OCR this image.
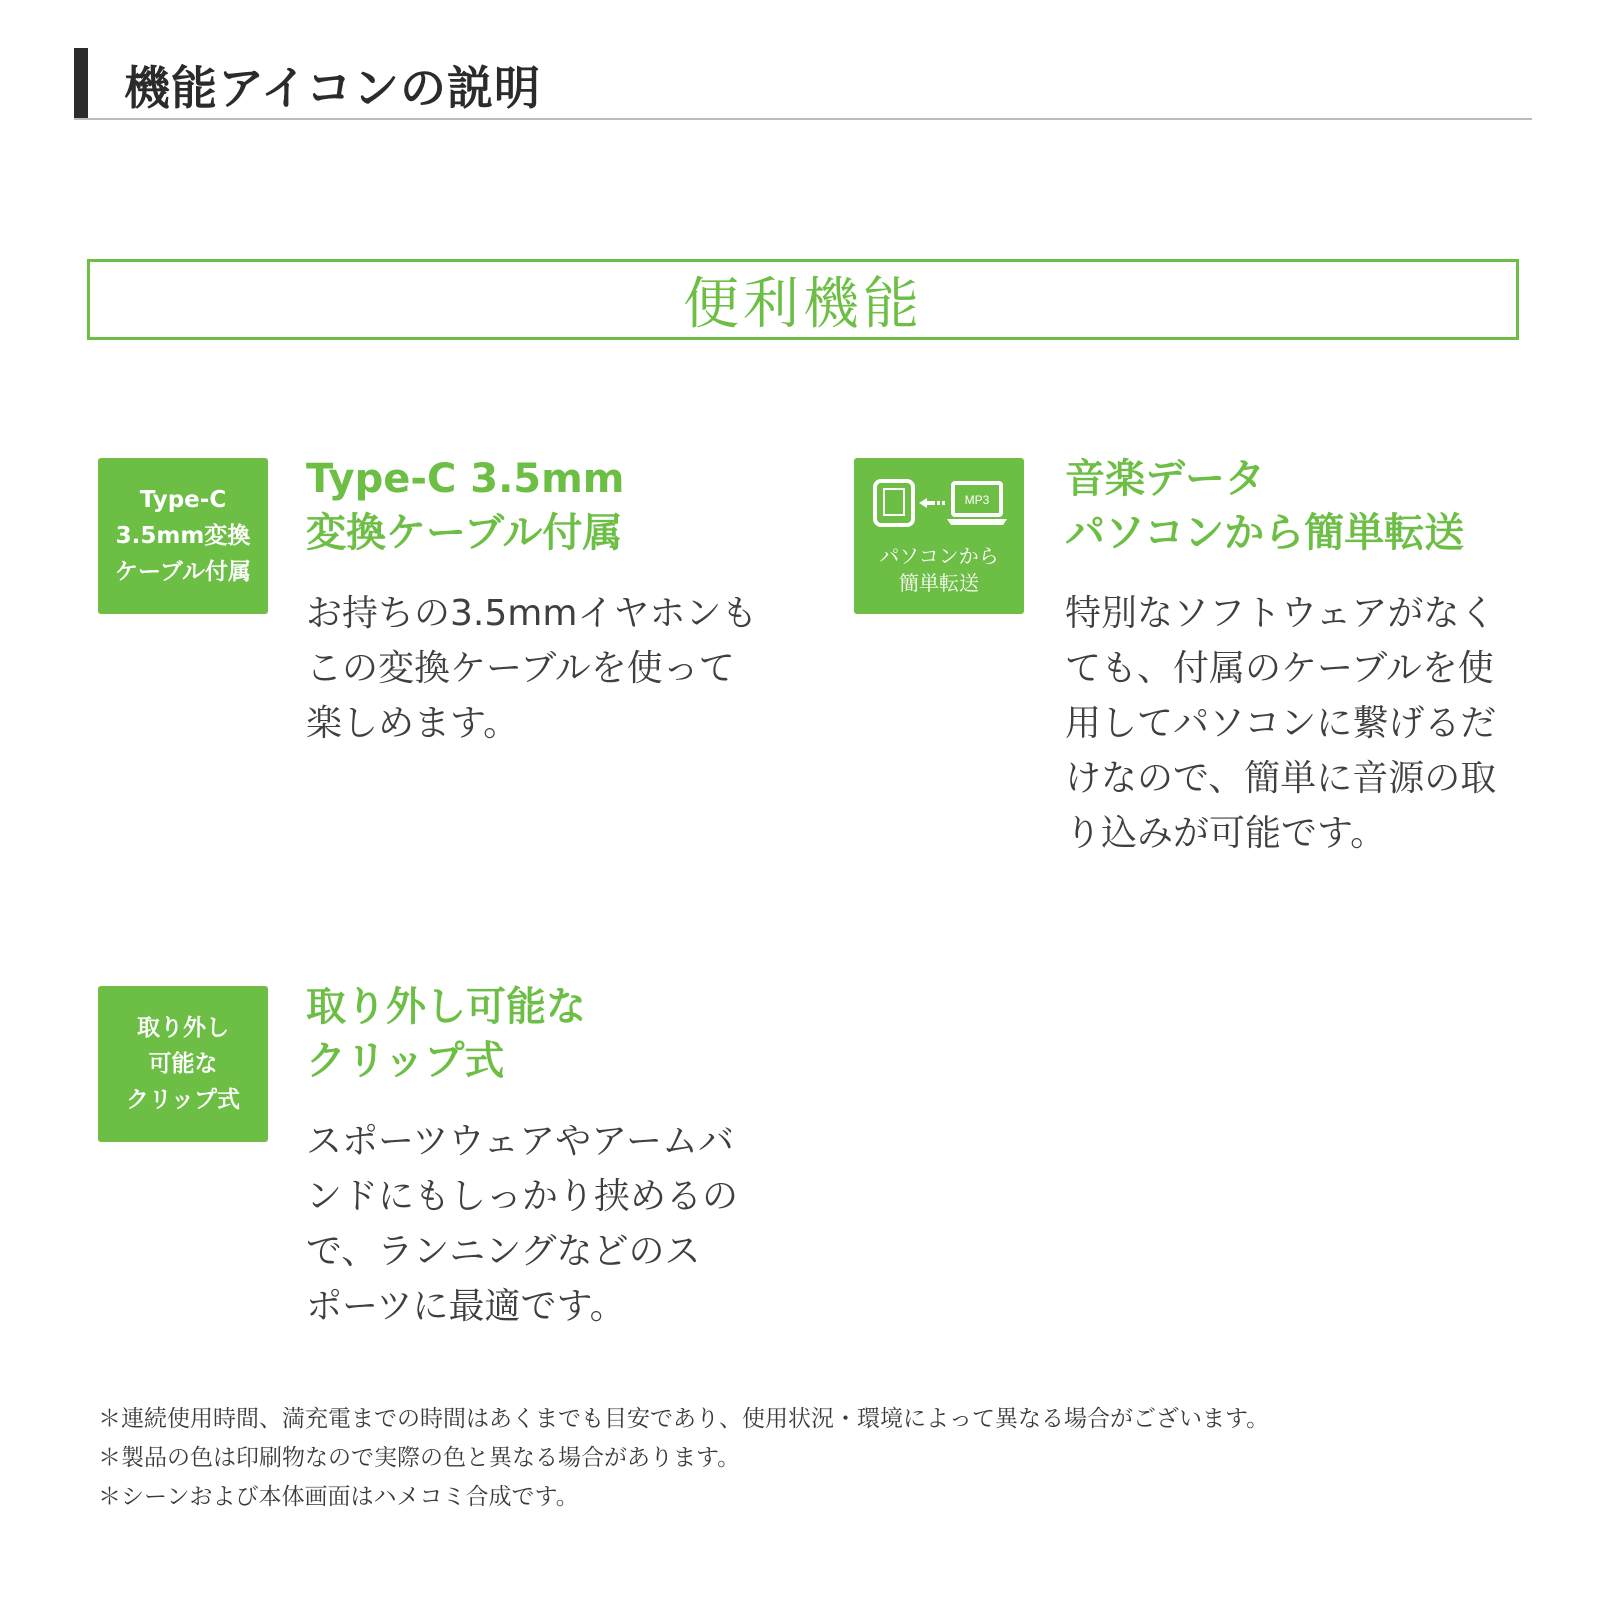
機能アイコンの説明
便利機能
Type-C
3.5mm変換
ケーブル付属
Type-C 3.5mm
変換ケーブル付属
お持ちの3.5mmイヤホンも
この変換ケーブルを使って
楽しめます。
MP3
パソコンから
簡単転送
音楽データ
パソコンから簡単転送
特別なソフトウェアがなく
ても、付属のケーブルを使
用してパソコンに繋げるだ
けなので、簡単に音源の取
り込みが可能です。
取り外し
可能な
クリップ式
取り外し可能な
クリップ式
スポーツウェアやアームバ
ンドにもしっかり挟めるの
で、ランニングなどのス
ポーツに最適です。
＊連続使用時間、満充電までの時間はあくまでも目安であり、使用状況・環境によって異なる場合がございます。
＊製品の色は印刷物なので実際の色と異なる場合があります。
＊シーンおよび本体画面はハメコミ合成です。
